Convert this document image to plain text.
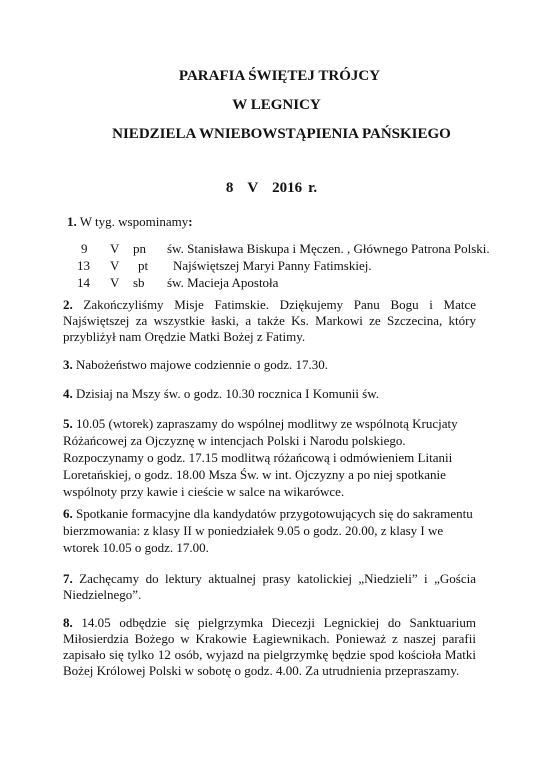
PARAFIA ŚWIĘTEJ TRÓJCY

W LEGNICY

NIEDZIELA WNIEBOWSTĄPIENIA PAŃSKIEGO

8 V 2016 r.

1. W tyg. wspominamy:

9 V pn św. Stanisława Biskupa i Męczen. , Głównego Patrona Polski.
13 V pt Najświętszej Maryi Panny Fatimskiej.
14 V sb św. Macieja Apostoła

2. Zakończyliśmy Misje Fatimskie. Dziękujemy Panu Bogu i Matce Najświętszej za wszystkie łaski, a także Ks. Markowi ze Szczecina, który przybliżył nam Orędzie Matki Bożej z Fatimy.

3. Nabożeństwo majowe codziennie o godz. 17.30.

4. Dzisiaj na Mszy św. o godz. 10.30 rocznica I Komunii św.

5. 10.05 (wtorek) zapraszamy do wspólnej modlitwy ze wspólnotą Krucjaty Różańcowej za Ojczyznę w intencjach Polski i Narodu polskiego. Rozpoczynamy o godz. 17.15 modlitwą różańcową i odmówieniem Litanii Loretańskiej, o godz. 18.00 Msza Św. w int. Ojczyzny a po niej spotkanie wspólnoty przy kawie i cieście w salce na wikarówce.

6. Spotkanie formacyjne dla kandydatów przygotowujących się do sakramentu bierzmowania: z klasy II w poniedziałek 9.05 o godz. 20.00, z klasy I we wtorek 10.05 o godz. 17.00.

7. Zachęcamy do lektury aktualnej prasy katolickiej „Niedzieli” i „Gościa Niedzielnego”.

8. 14.05 odbędzie się pielgrzymka Diecezji Legnickiej do Sanktuarium Miłosierdzia Bożego w Krakowie Łagiewnikach. Ponieważ z naszej parafii zapisało się tylko 12 osób, wyjazd na pielgrzymkę będzie spod kościoła Matki Bożej Królowej Polski w sobotę o godz. 4.00. Za utrudnienia przepraszamy.
